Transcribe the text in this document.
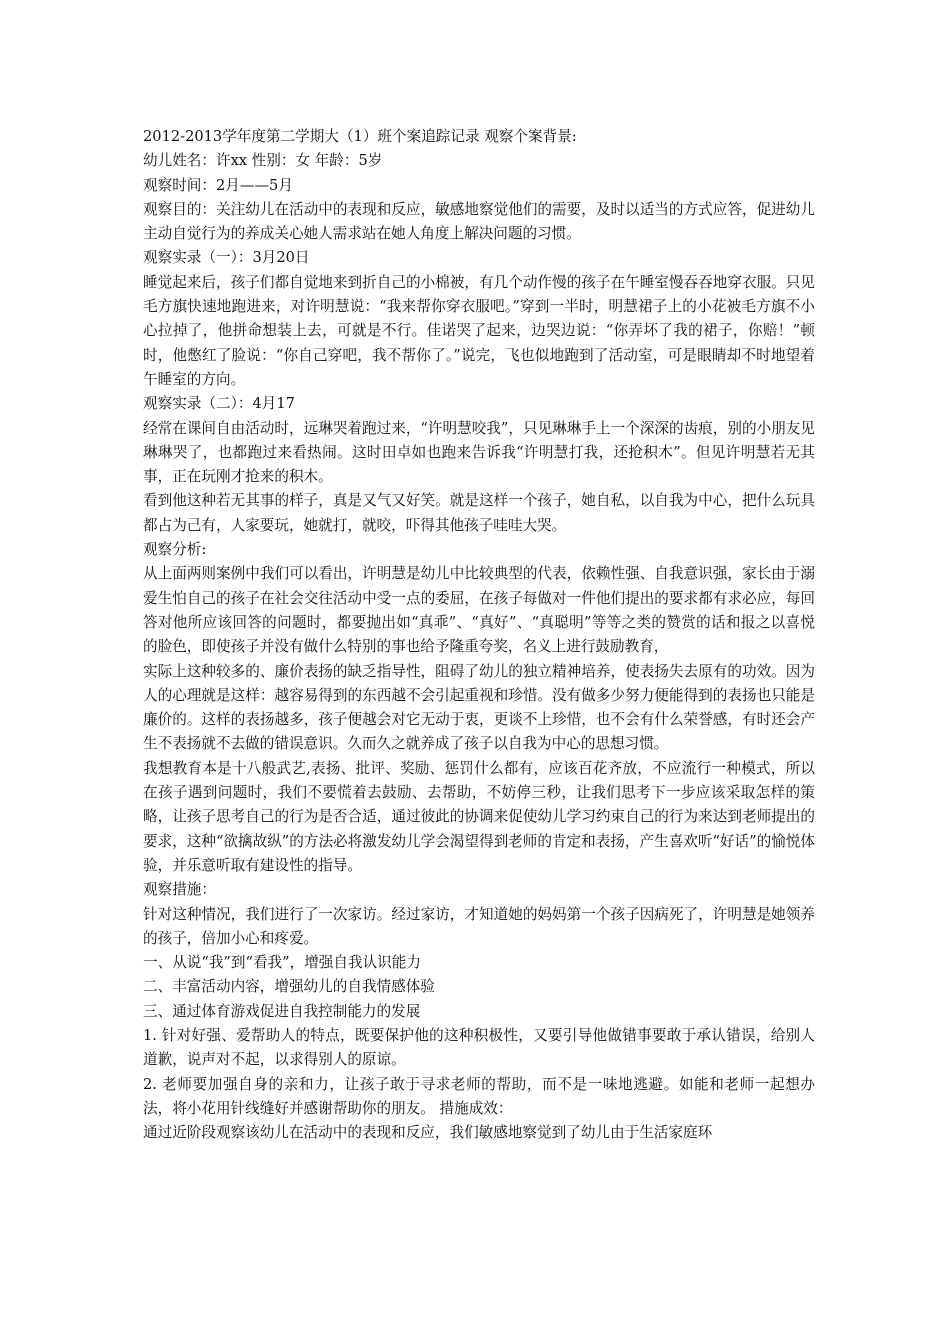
2012-2013学年度第二学期大（1）班个案追踪记录 观察个案背景:

幼儿姓名：许xx 性别：女 年龄：5岁

观察时间：2月——5月

观察目的：关注幼儿在活动中的表现和反应，敏感地察觉他们的需要，及时以适当的方式应答，促进幼儿主动自觉行为的养成关心她人需求站在她人角度上解决问题的习惯。

观察实录（一）：3月20日

睡觉起来后，孩子们都自觉地来到折自己的小棉被，有几个动作慢的孩子在午睡室慢吞吞地穿衣服。只见毛方旗快速地跑进来，对许明慧说：“我来帮你穿衣服吧。”穿到一半时，明慧裙子上的小花被毛方旗不小心拉掉了，他拼命想装上去，可就是不行。佳诺哭了起来，边哭边说：“你弄坏了我的裙子，你赔！”顿时，他憋红了脸说：“你自己穿吧，我不帮你了。”说完，飞也似地跑到了活动室，可是眼睛却不时地望着午睡室的方向。

观察实录（二）：4月17

经常在课间自由活动时，远琳哭着跑过来，“许明慧咬我”，只见琳琳手上一个深深的齿痕，别的小朋友见琳琳哭了，也都跑过来看热闹。这时田卓如也跑来告诉我“许明慧打我，还抢积木”。但见许明慧若无其事，正在玩刚才抢来的积木。

看到他这种若无其事的样子，真是又气又好笑。就是这样一个孩子，她自私，以自我为中心，把什么玩具都占为己有，人家要玩，她就打，就咬，吓得其他孩子哇哇大哭。

观察分析:

从上面两则案例中我们可以看出，许明慧是幼儿中比较典型的代表，依赖性强、自我意识强，家长由于溺爱生怕自己的孩子在社会交往活动中受一点的委屈，在孩子每做对一件他们提出的要求都有求必应，每回答对他所应该回答的问题时，都要抛出如“真乖”、“真好”、“真聪明”等等之类的赞赏的话和报之以喜悦的脸色，即使孩子并没有做什么特别的事也给予隆重夸奖，名义上进行鼓励教育，

实际上这种较多的、廉价表扬的缺乏指导性，阻碍了幼儿的独立精神培养，使表扬失去原有的功效。因为人的心理就是这样：越容易得到的东西越不会引起重视和珍惜。没有做多少努力便能得到的表扬也只能是廉价的。这样的表扬越多，孩子便越会对它无动于衷，更谈不上珍惜，也不会有什么荣誉感，有时还会产生不表扬就不去做的错误意识。久而久之就养成了孩子以自我为中心的思想习惯。

我想教育本是十八般武艺,表扬、批评、奖励、惩罚什么都有，应该百花齐放，不应流行一种模式，所以在孩子遇到问题时，我们不要慌着去鼓励、去帮助，不妨停三秒，让我们思考下一步应该采取怎样的策略，让孩子思考自己的行为是否合适，通过彼此的协调来促使幼儿学习约束自己的行为来达到老师提出的要求，这种“欲擒故纵”的方法必将激发幼儿学会渴望得到老师的肯定和表扬，产生喜欢听“好话”的愉悦体验，并乐意听取有建设性的指导。

观察措施：

针对这种情况，我们进行了一次家访。经过家访，才知道她的妈妈第一个孩子因病死了，许明慧是她领养的孩子，倍加小心和疼爱。

一、从说“我”到“看我”，增强自我认识能力

二、丰富活动内容，增强幼儿的自我情感体验

三、通过体育游戏促进自我控制能力的发展

1. 针对好强、爱帮助人的特点，既要保护他的这种积极性，又要引导他做错事要敢于承认错误，给别人道歉，说声对不起，以求得别人的原谅。

2. 老师要加强自身的亲和力，让孩子敢于寻求老师的帮助，而不是一味地逃避。如能和老师一起想办法，将小花用针线缝好并感谢帮助你的朋友。 措施成效：

通过近阶段观察该幼儿在活动中的表现和反应，我们敏感地察觉到了幼儿由于生活家庭环
